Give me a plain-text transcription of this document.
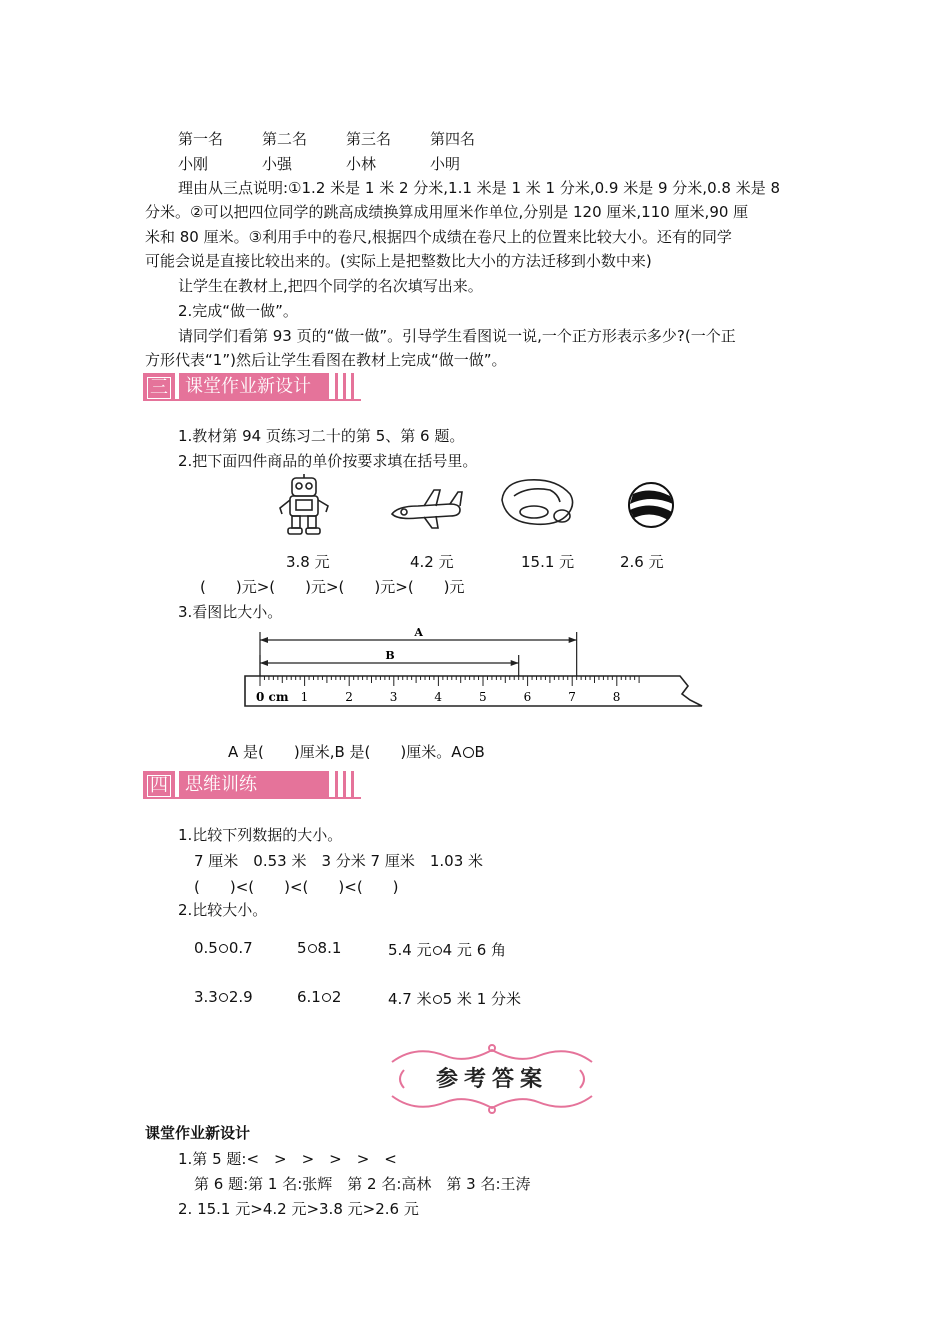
第一名	第二名	第三名	第四名
小刚	小强	小林	小明
理由从三点说明:①1.2 米是 1 米 2 分米,1.1 米是 1 米 1 分米,0.9 米是 9 分米,0.8 米是 8
分米。②可以把四位同学的跳高成绩换算成用厘米作单位,分别是 120 厘米,110 厘米,90 厘
米和 80 厘米。③利用手中的卷尺,根据四个成绩在卷尺上的位置来比较大小。还有的同学
可能会说是直接比较出来的。(实际上是把整数比大小的方法迁移到小数中来)
让学生在教材上,把四个同学的名次填写出来。
2.完成“做一做”。
请同学们看第 93 页的“做一做”。引导学生看图说一说,一个正方形表示多少?(一个正
方形代表“1”)然后让学生看图在教材上完成“做一做”。
三 课堂作业新设计
1.教材第 94 页练习二十的第 5、第 6 题。
2.把下面四件商品的单价按要求填在括号里。
3.8 元	4.2 元	15.1 元	2.6 元
(　　)元>(　　)元>(　　)元>(　　)元
3.看图比大小。
0 cm 1	2	3	4	5	6	7	8
A
B
A 是(　　)厘米,B 是(　　)厘米。A B
四 思维训练
1.比较下列数据的大小。
7 厘米　0.53 米　3 分米 7 厘米　1.03 米
(　　)<(　　)<(　　)<(　　)
2.比较大小。
0.5 0.7	5 8.1	5.4 元 4 元 6 角
3.3 2.9	6.1 2	4.7 米 5 米 1 分米
参考答案
课堂作业新设计
1.第 5 题:<　>　>　>　>　<
第 6 题:第 1 名:张辉　第 2 名:高林　第 3 名:王涛
2. 15.1 元>4.2 元>3.8 元>2.6 元
